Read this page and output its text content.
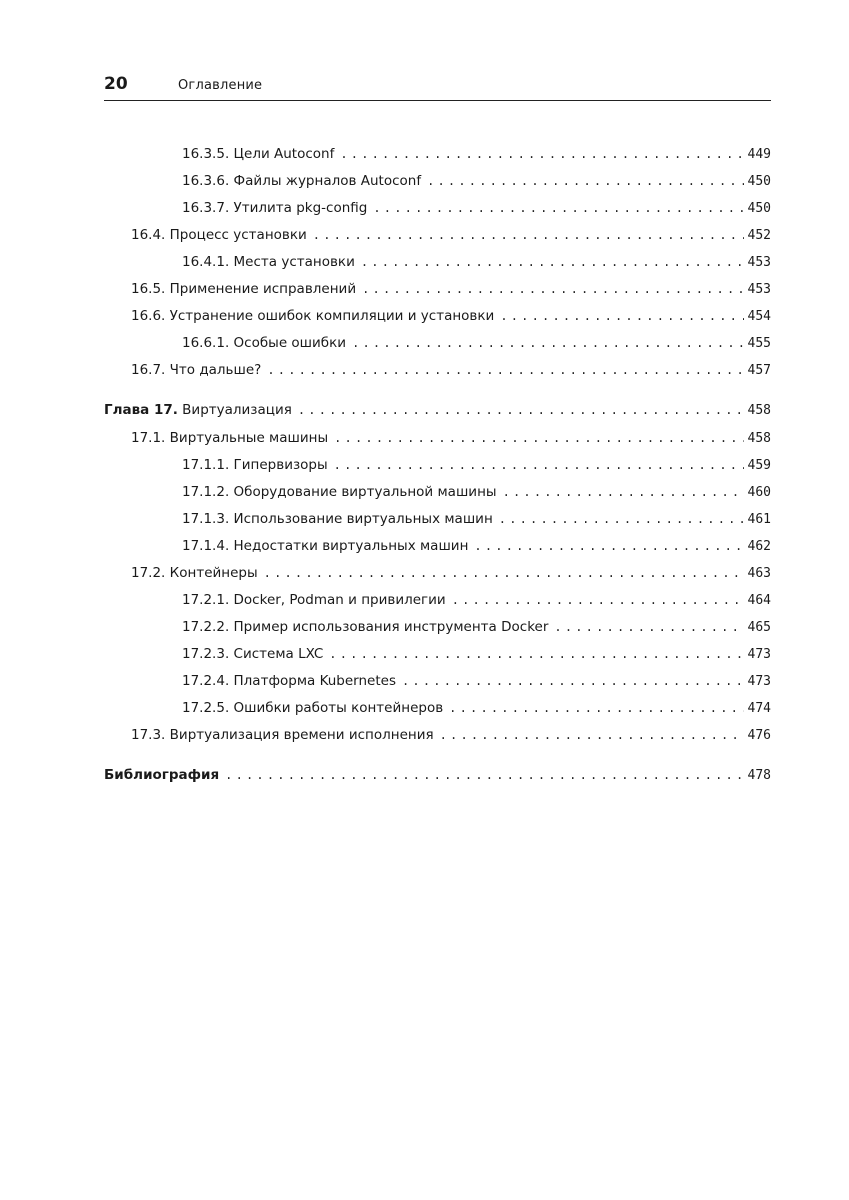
20	Оглавление
16.3.5. Цели Autoconf .....	449
16.3.6. Файлы журналов Autoconf .....	450
16.3.7. Утилита pkg-config .....	450
16.4. Процесс установки .....	452
16.4.1. Места установки .....	453
16.5. Применение исправлений .....	453
16.6. Устранение ошибок компиляции и установки .....	454
16.6.1. Особые ошибки .....	455
16.7. Что дальше? .....	457
Глава 17. Виртуализация .....	458
17.1. Виртуальные машины .....	458
17.1.1. Гипервизоры .....	459
17.1.2. Оборудование виртуальной машины .....	460
17.1.3. Использование виртуальных машин .....	461
17.1.4. Недостатки виртуальных машин .....	462
17.2. Контейнеры .....	463
17.2.1. Docker, Podman и привилегии .....	464
17.2.2. Пример использования инструмента Docker .....	465
17.2.3. Система LXC .....	473
17.2.4. Платформа Kubernetes .....	473
17.2.5. Ошибки работы контейнеров .....	474
17.3. Виртуализация времени исполнения .....	476
Библиография .....	478
